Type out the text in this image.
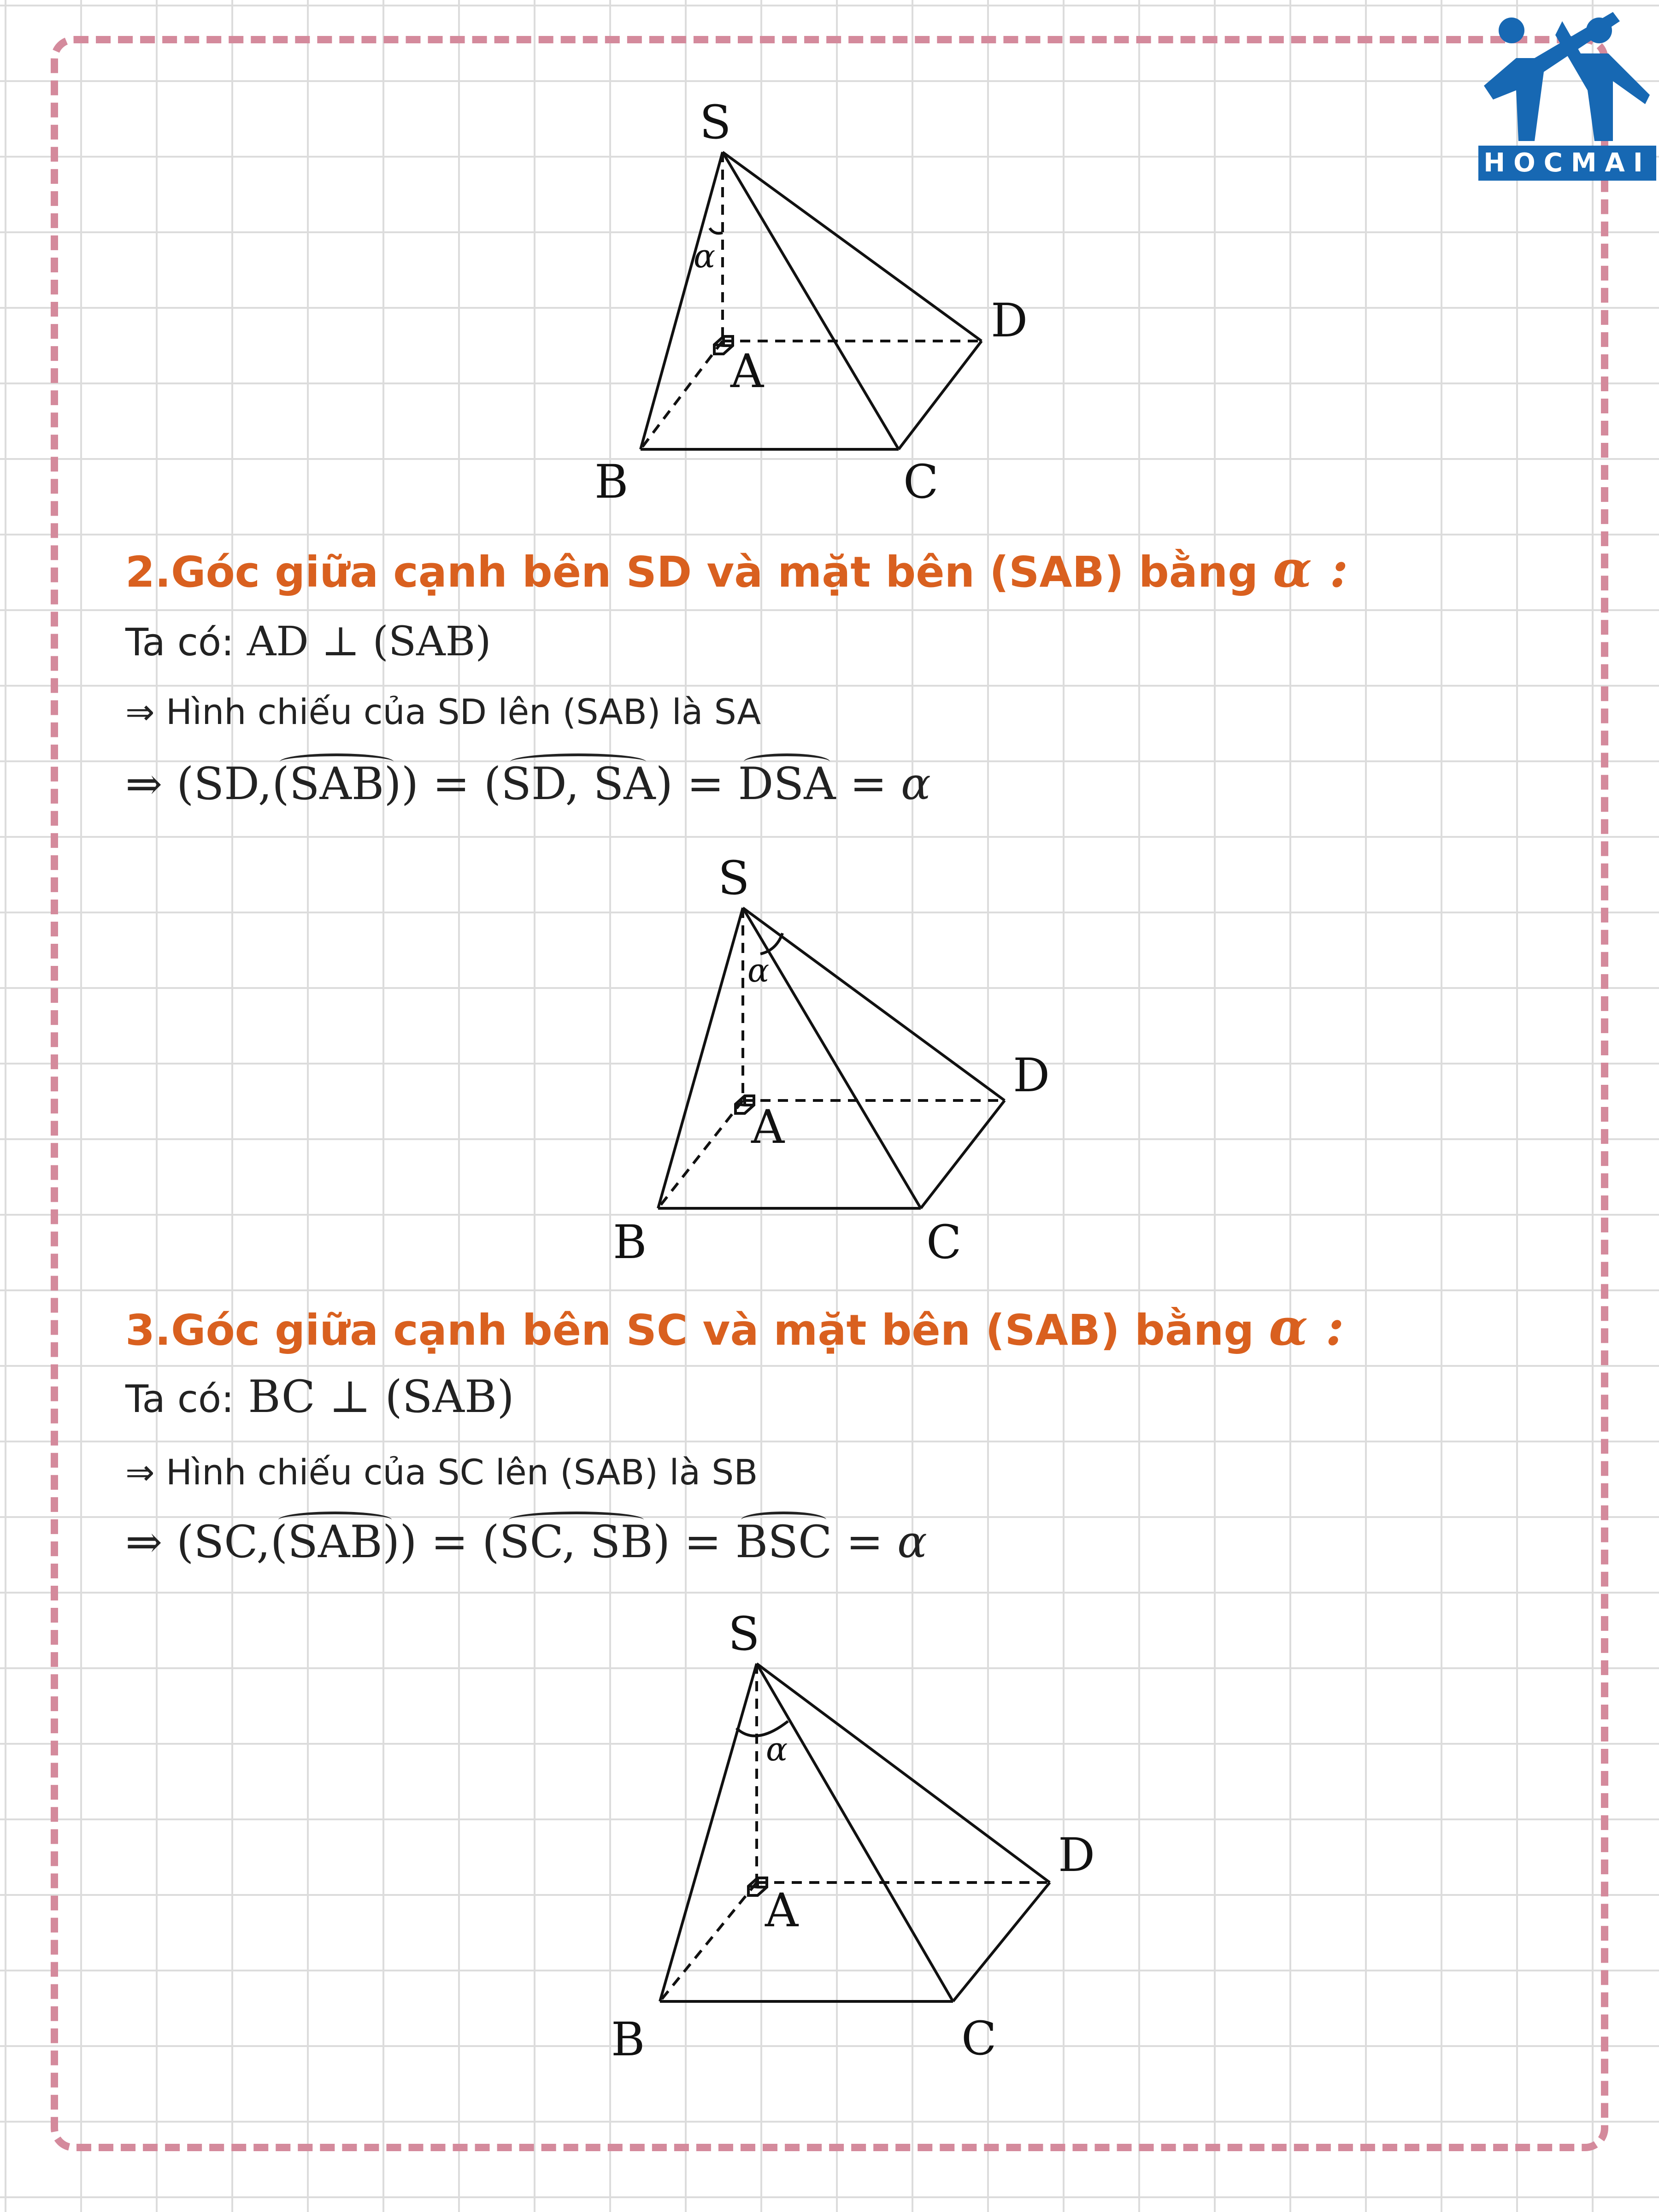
HOCMAI
S
A
B	C
D
α
2.Góc giữa cạnh bên SD và mặt bên (SAB) bằng α :
Ta có: AD ⊥ (SAB)
⇒ Hình chiếu của SD lên (SAB) là SA
⇒ (SD,(SAB)) = (SD, SA) = DSA = α
S
A
B	C
D
α
3.Góc giữa cạnh bên SC và mặt bên (SAB) bằng α :
Ta có: BC ⊥ (SAB)
⇒ Hình chiếu của SC lên (SAB) là SB
⇒ (SC,(SAB)) = (SC, SB) = BSC = α
S
A
B	C
D
α
